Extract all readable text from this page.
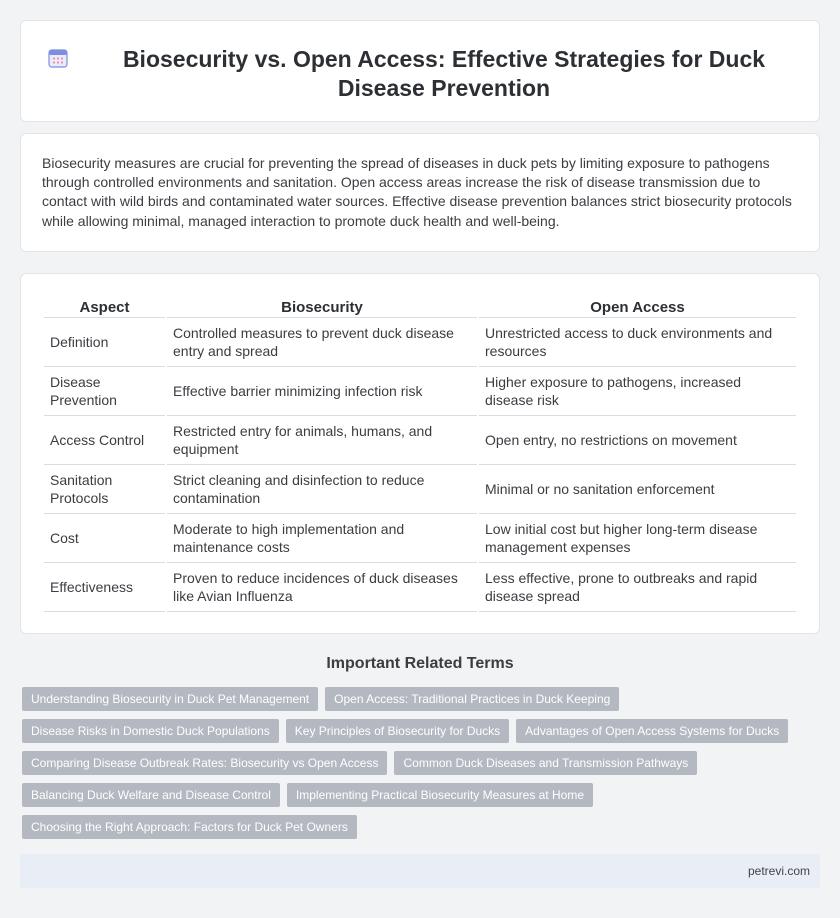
Biosecurity vs. Open Access: Effective Strategies for Duck Disease Prevention

Biosecurity measures are crucial for preventing the spread of diseases in duck pets by limiting exposure to pathogens through controlled environments and sanitation. Open access areas increase the risk of disease transmission due to contact with wild birds and contaminated water sources. Effective disease prevention balances strict biosecurity protocols while allowing minimal, managed interaction to promote duck health and well-being.

Aspect	Biosecurity	Open Access
Definition	Controlled measures to prevent duck disease entry and spread	Unrestricted access to duck environments and resources
Disease Prevention	Effective barrier minimizing infection risk	Higher exposure to pathogens, increased disease risk
Access Control	Restricted entry for animals, humans, and equipment	Open entry, no restrictions on movement
Sanitation Protocols	Strict cleaning and disinfection to reduce contamination	Minimal or no sanitation enforcement
Cost	Moderate to high implementation and maintenance costs	Low initial cost but higher long-term disease management expenses
Effectiveness	Proven to reduce incidences of duck diseases like Avian Influenza	Less effective, prone to outbreaks and rapid disease spread
Important Related Terms
Understanding Biosecurity in Duck Pet Management	Open Access: Traditional Practices in Duck Keeping
Disease Risks in Domestic Duck Populations	Key Principles of Biosecurity for Ducks	Advantages of Open Access Systems for Ducks
Comparing Disease Outbreak Rates: Biosecurity vs Open Access	Common Duck Diseases and Transmission Pathways
Balancing Duck Welfare and Disease Control	Implementing Practical Biosecurity Measures at Home
Choosing the Right Approach: Factors for Duck Pet Owners
petrevi.com
